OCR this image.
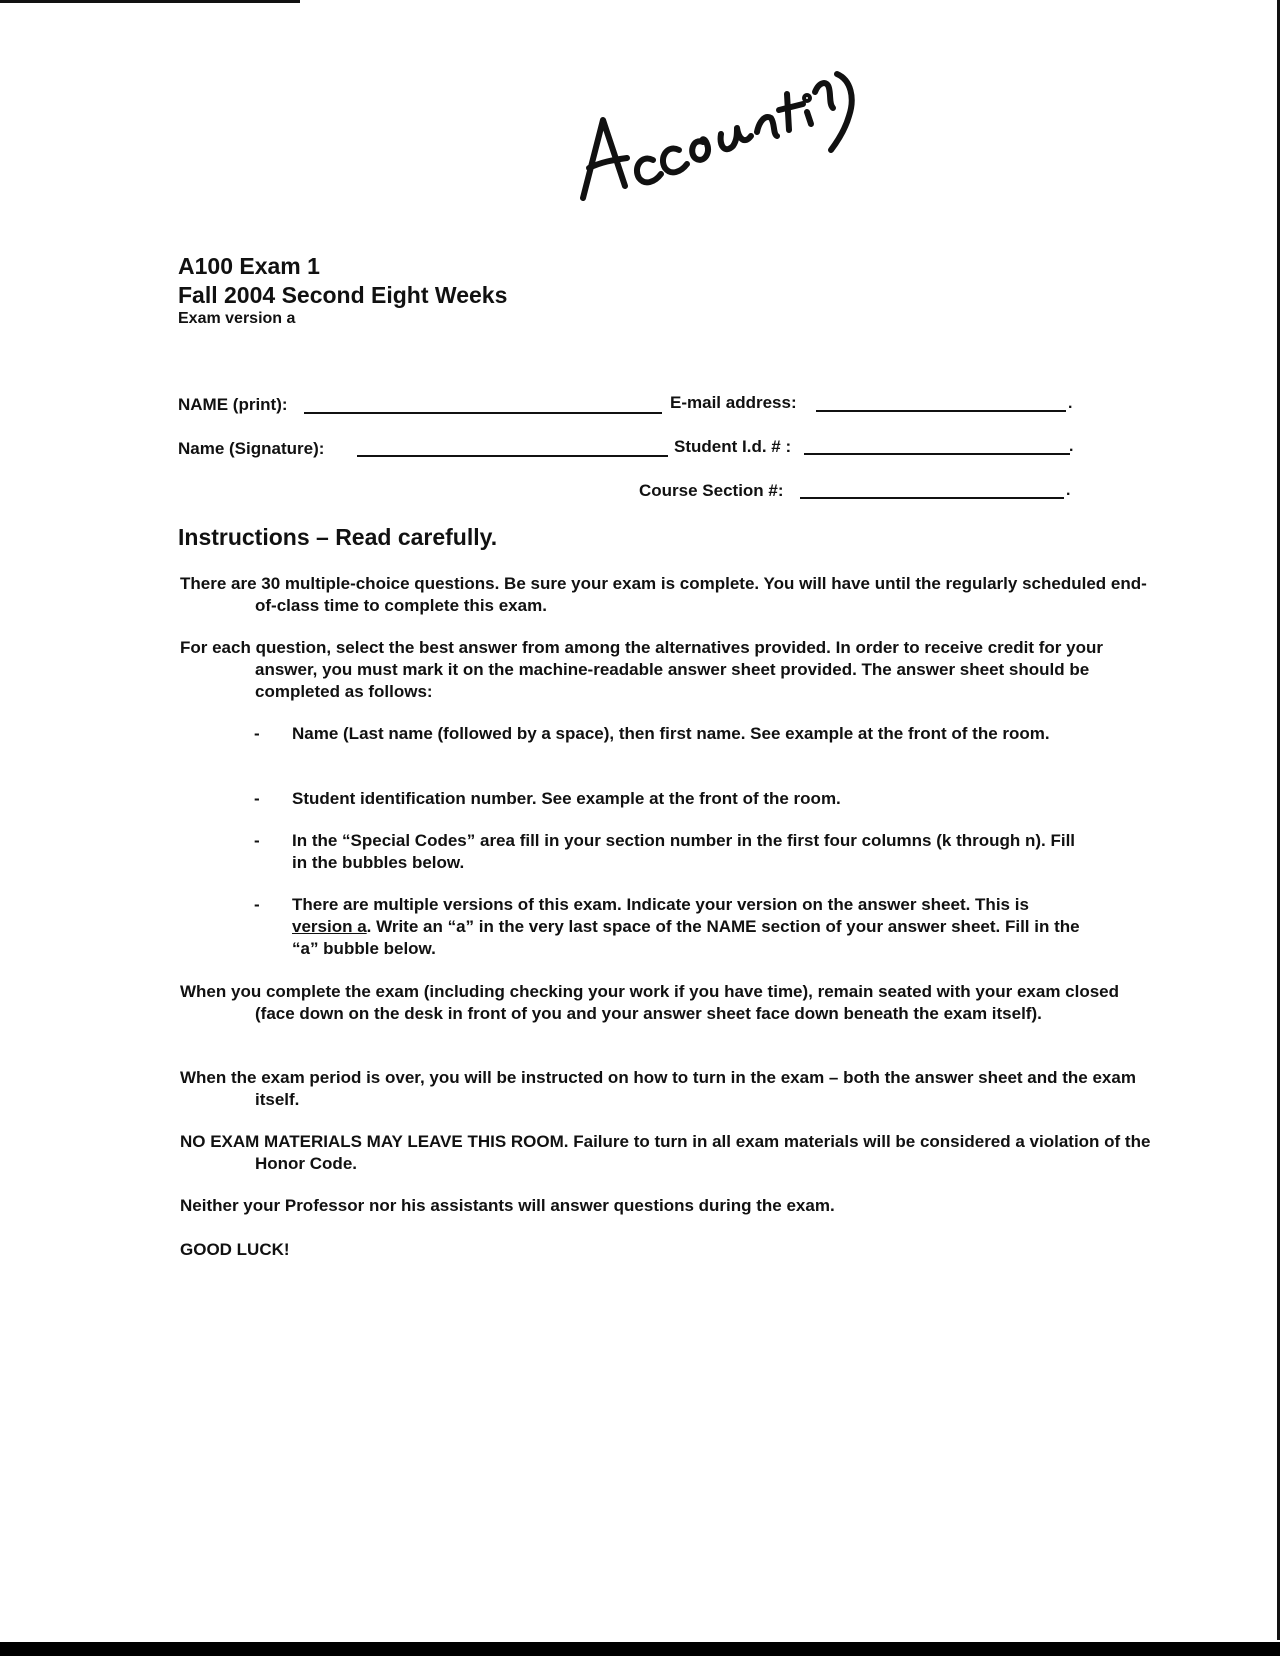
A100 Exam 1
Fall 2004 Second Eight Weeks
Exam version a
NAME (print):	E-mail address:	.
Name (Signature):	Student I.d. # :	.
Course Section #:	.
Instructions – Read carefully.
There are 30 multiple-choice questions. Be sure your exam is complete. You will have until the regularly scheduled end-of-class time to complete this exam.
For each question, select the best answer from among the alternatives provided. In order to receive credit for your answer, you must mark it on the machine-readable answer sheet provided. The answer sheet should be completed as follows:
- Name (Last name (followed by a space), then first name. See example at the front of the room.
- Student identification number. See example at the front of the room.
- In the “Special Codes” area fill in your section number in the first four columns (k through n). Fill in the bubbles below.
- There are multiple versions of this exam. Indicate your version on the answer sheet. This is version a. Write an “a” in the very last space of the NAME section of your answer sheet. Fill in the “a” bubble below.
When you complete the exam (including checking your work if you have time), remain seated with your exam closed (face down on the desk in front of you and your answer sheet face down beneath the exam itself).
When the exam period is over, you will be instructed on how to turn in the exam – both the answer sheet and the exam itself.
NO EXAM MATERIALS MAY LEAVE THIS ROOM. Failure to turn in all exam materials will be considered a violation of the Honor Code.
Neither your Professor nor his assistants will answer questions during the exam.
GOOD LUCK!
